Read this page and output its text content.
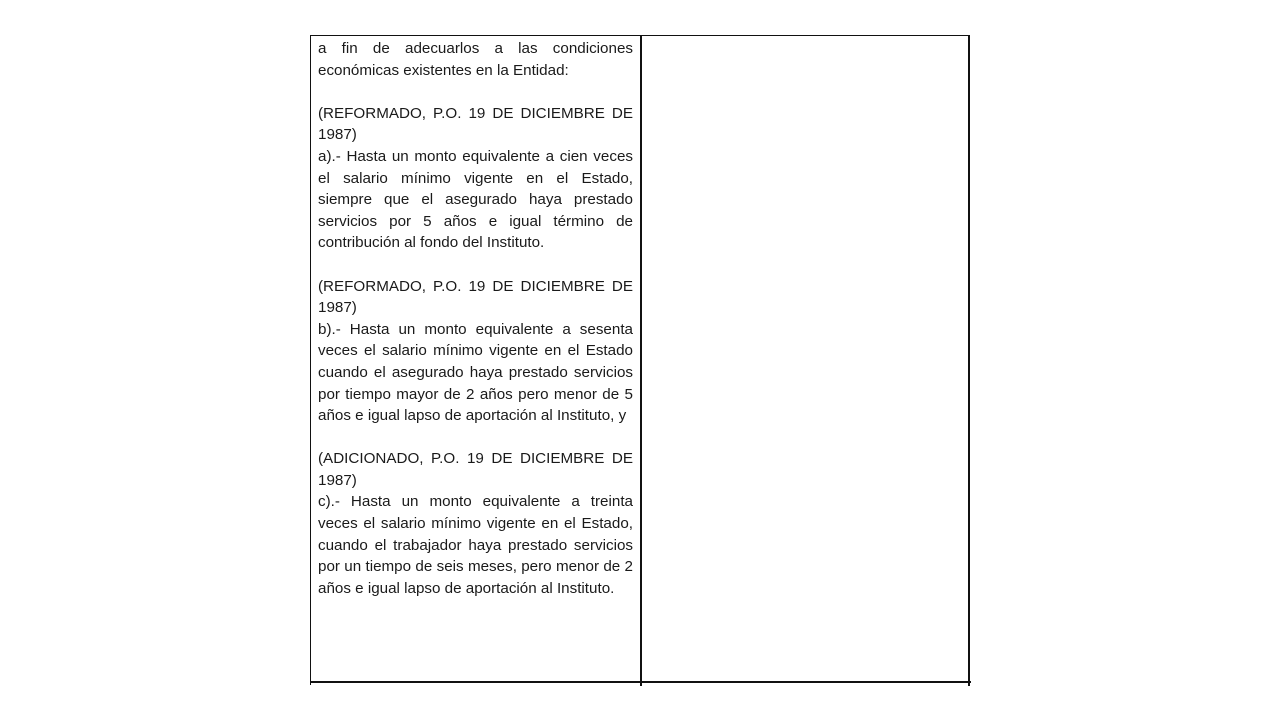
a fin de adecuarlos a las condiciones económicas existentes en la Entidad:

(REFORMADO, P.O. 19 DE DICIEMBRE DE 1987)

a).- Hasta un monto equivalente a cien veces el salario mínimo vigente en el Estado, siempre que el asegurado haya prestado servicios por 5 años e igual término de contribución al fondo del Instituto.

(REFORMADO, P.O. 19 DE DICIEMBRE DE 1987)

b).- Hasta un monto equivalente a sesenta veces el salario mínimo vigente en el Estado cuando el asegurado haya prestado servicios por tiempo mayor de 2 años pero menor de 5 años e igual lapso de aportación al Instituto, y

(ADICIONADO, P.O. 19 DE DICIEMBRE DE 1987)

c).- Hasta un monto equivalente a treinta veces el salario mínimo vigente en el Estado, cuando el trabajador haya prestado servicios por un tiempo de seis meses, pero menor de 2 años e igual lapso de aportación al Instituto.
